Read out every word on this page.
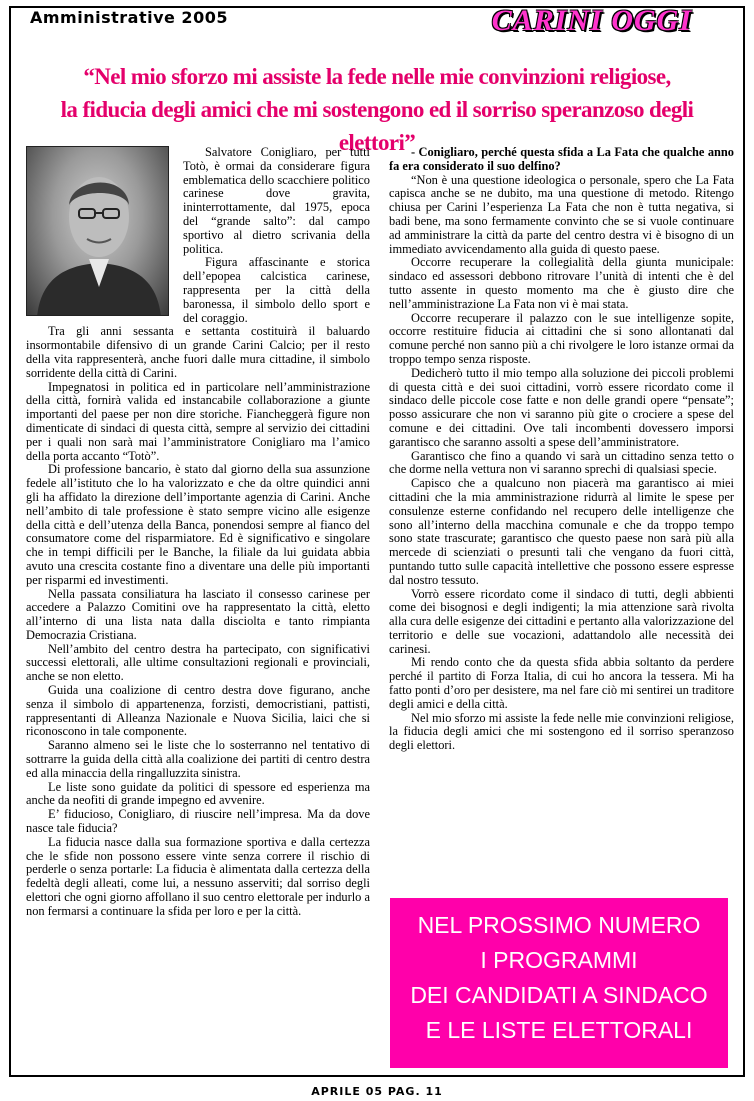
Amministrative 2005	CARINI OGGI
“Nel mio sforzo mi assiste la fede nelle mie convinzioni religiose,
la fiducia degli amici che mi sostengono ed il sorriso speranzoso degli elettori”

Salvatore Conigliaro, per tutti Totò, è ormai da considerare figura emblematica dello scacchiere politico carinese dove gravita, ininterrottamente, dal 1975, epoca del “grande salto”: dal campo sportivo al dietro scrivania della politica.

Figura affascinante e storica dell’epopea calcistica carinese, rappresenta per la città della baronessa, il simbolo dello sport e del coraggio.

Tra gli anni sessanta e settanta costituirà il baluardo insormontabile difensivo di un grande Carini Calcio; per il resto della vita rappresenterà, anche fuori dalle mura cittadine, il simbolo sorridente della città di Carini.

Impegnatosi in politica ed in particolare nell’amministrazione della città, fornirà valida ed instancabile collaborazione a giunte importanti del paese per non dire storiche. Fiancheggerà figure non dimenticate di sindaci di questa città, sempre al servizio dei cittadini per i quali non sarà mai l’amministratore Conigliaro ma l’amico della porta accanto “Totò”.

Di professione bancario, è stato dal giorno della sua assunzione fedele all’istituto che lo ha valorizzato e che da oltre quindici anni gli ha affidato la direzione dell’importante agenzia di Carini. Anche nell’ambito di tale professione è stato sempre vicino alle esigenze della città e dell’utenza della Banca, ponendosi sempre al fianco del consumatore come del risparmiatore. Ed è significativo e singolare che in tempi difficili per le Banche, la filiale da lui guidata abbia avuto una crescita costante fino a diventare una delle più importanti per risparmi ed investimenti.

Nella passata consiliatura ha lasciato il consesso carinese per accedere a Palazzo Comitini ove ha rappresentato la città, eletto all’interno di una lista nata dalla disciolta e tanto rimpianta Democrazia Cristiana.

Nell’ambito del centro destra ha partecipato, con significativi successi elettorali, alle ultime consultazioni regionali e provinciali, anche se non eletto.

Guida una coalizione di centro destra dove figurano, anche senza il simbolo di appartenenza, forzisti, democristiani, pattisti, rappresentanti di Alleanza Nazionale e Nuova Sicilia, laici che si riconoscono in tale componente.

Saranno almeno sei le liste che lo sosterranno nel tentativo di sottrarre la guida della città alla coalizione dei partiti di centro destra ed alla minaccia della ringalluzzita sinistra.

Le liste sono guidate da politici di spessore ed esperienza ma anche da neofiti di grande impegno ed avvenire.

E’ fiducioso, Conigliaro, di riuscire nell’impresa. Ma da dove nasce tale fiducia?

La fiducia nasce dalla sua formazione sportiva e dalla certezza che le sfide non possono essere vinte senza correre il rischio di perderle o senza portarle: La fiducia è alimentata dalla certezza della fedeltà degli alleati, come lui, a nessuno asserviti; dal sorriso degli elettori che ogni giorno affollano il suo centro elettorale per indurlo a non fermarsi a continuare la sfida per loro e per la città.

- Conigliaro, perché questa sfida a La Fata che qualche anno fa era considerato il suo delfino?

“Non è una questione ideologica o personale, spero che La Fata capisca anche se ne dubito, ma una questione di metodo. Ritengo chiusa per Carini l’esperienza La Fata che non è tutta negativa, si badi bene, ma sono fermamente convinto che se si vuole continuare ad amministrare la città da parte del centro destra vi è bisogno di un immediato avvicendamento alla guida di questo paese.

Occorre recuperare la collegialità della giunta municipale: sindaco ed assessori debbono ritrovare l’unità di intenti che è del tutto assente in questo momento ma che è giusto dire che nell’amministrazione La Fata non vi è mai stata.

Occorre recuperare il palazzo con le sue intelligenze sopite, occorre restituire fiducia ai cittadini che si sono allontanati dal comune perché non sanno più a chi rivolgere le loro istanze ormai da troppo tempo senza risposte.

Dedicherò tutto il mio tempo alla soluzione dei piccoli problemi di questa città e dei suoi cittadini, vorrò essere ricordato come il sindaco delle piccole cose fatte e non delle grandi opere “pensate”; posso assicurare che non vi saranno più gite o crociere a spese del comune e dei cittadini. Ove tali incombenti dovessero imporsi garantisco che saranno assolti a spese dell’amministratore.

Garantisco che fino a quando vi sarà un cittadino senza tetto o che dorme nella vettura non vi saranno sprechi di qualsiasi specie.

Capisco che a qualcuno non piacerà ma garantisco ai miei cittadini che la mia amministrazione ridurrà al limite le spese per consulenze esterne confidando nel recupero delle intelligenze che sono all’interno della macchina comunale e che da troppo tempo sono state trascurate; garantisco che questo paese non sarà più alla mercede di scienziati o presunti tali che vengano da fuori città, puntando tutto sulle capacità intellettive che possono essere espresse dal nostro tessuto.

Vorrò essere ricordato come il sindaco di tutti, degli abbienti come dei bisognosi e degli indigenti; la mia attenzione sarà rivolta alla cura delle esigenze dei cittadini e pertanto alla valorizzazione del territorio e delle sue vocazioni, adattandolo alle necessità dei carinesi.

Mi rendo conto che da questa sfida abbia soltanto da perdere perché il partito di Forza Italia, di cui ho ancora la tessera. Mi ha fatto ponti d’oro per desistere, ma nel fare ciò mi sentirei un traditore degli amici e della città.

Nel mio sforzo mi assiste la fede nelle mie convinzioni religiose, la fiducia degli amici che mi sostengono ed il sorriso speranzoso degli elettori.

NEL PROSSIMO NUMERO
I PROGRAMMI
DEI CANDIDATI A SINDACO
E LE LISTE ELETTORALI
APRILE 05 PAG. 11
